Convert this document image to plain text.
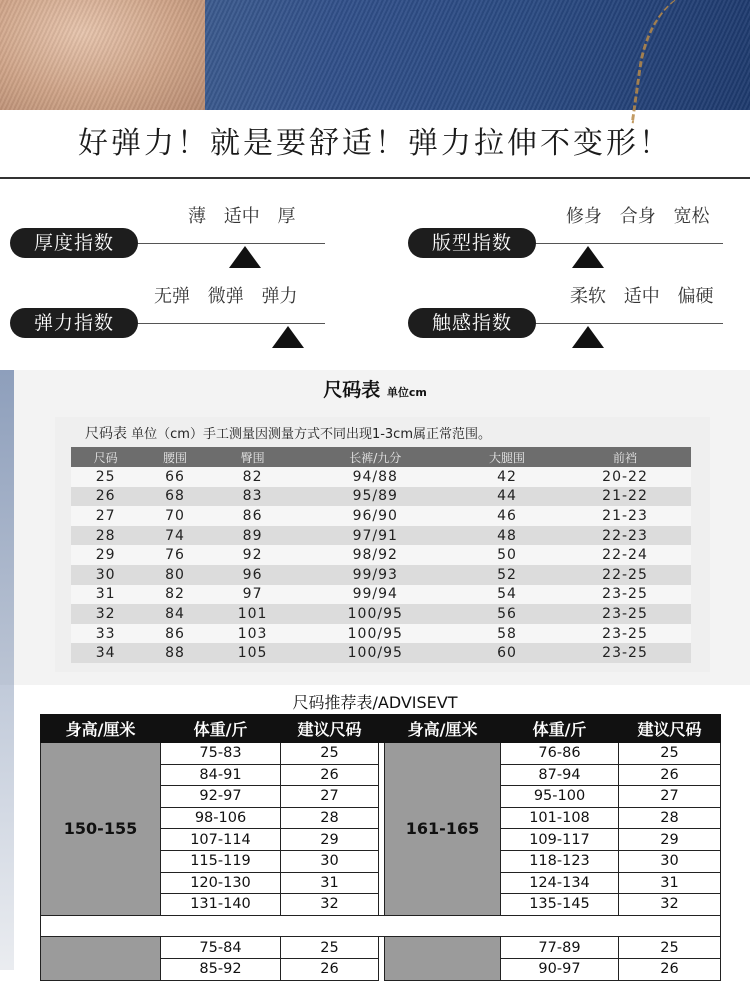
好弹力！就是要舒适！弹力拉伸不变形！
薄 适中 厚
厚度指数
修身 合身 宽松
版型指数
无弹 微弹 弹力
弹力指数
柔软 适中 偏硬
触感指数
尺码表 单位cm
尺码表 单位（cm）手工测量因测量方式不同出现1-3cm属正常范围。
尺码	腰围	臀围	长裤/九分	大腿围	前裆
25	66	82	94/88	42	20-22
26	68	83	95/89	44	21-22
27	70	86	96/90	46	21-23
28	74	89	97/91	48	22-23
29	76	92	98/92	50	22-24
30	80	96	99/93	52	22-25
31	82	97	99/94	54	23-25
32	84	101	100/95	56	23-25
33	86	103	100/95	58	23-25
34	88	105	100/95	60	23-25
尺码推荐表/ADVISEVT
身高/厘米	体重/斤	建议尺码		身高/厘米	体重/斤	建议尺码
150-155	75-83	25		161-165	76-86	25
	84-91	26			87-94	26
	92-97	27			95-100	27
	98-106	28			101-108	28
	107-114	29			109-117	29
	115-119	30			118-123	30
	120-130	31			124-134	31
	131-140	32			135-145	32

	75-84	25			77-89	25
	85-92	26			90-97	26
